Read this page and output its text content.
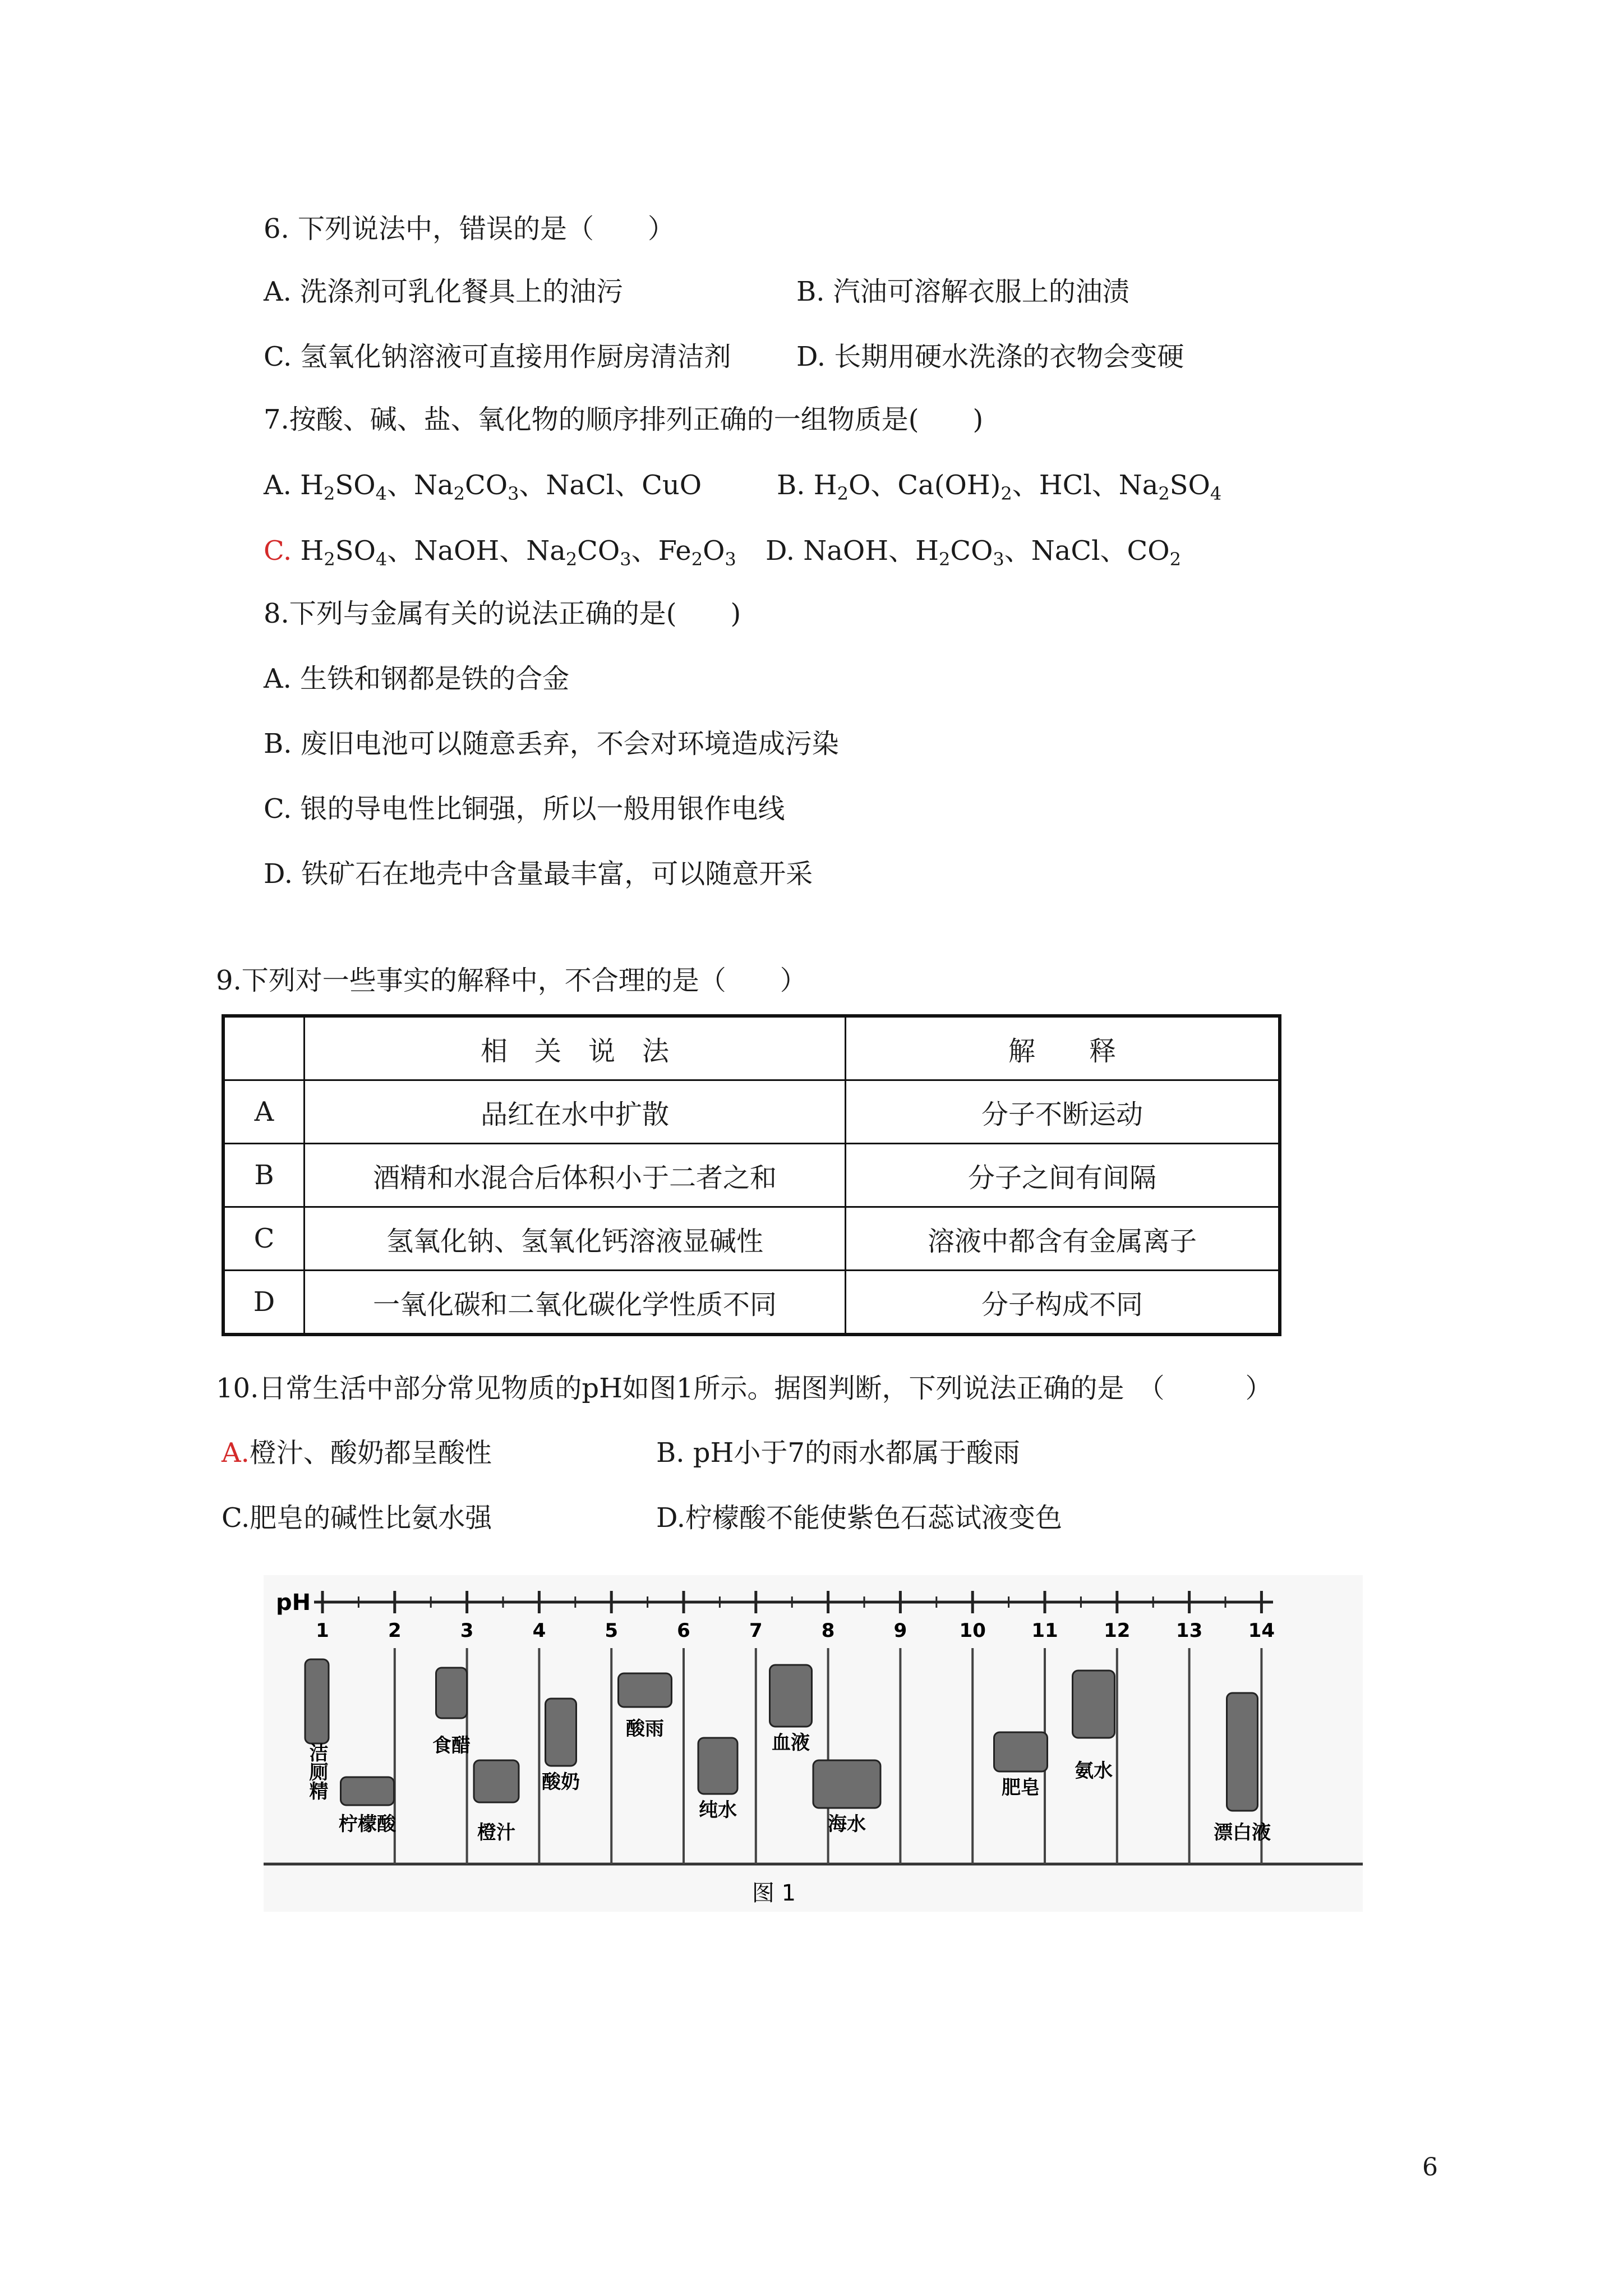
6. 下列说法中，错误的是（　　）
A. 洗涤剂可乳化餐具上的油污	B. 汽油可溶解衣服上的油渍
C. 氢氧化钠溶液可直接用作厨房清洁剂 D. 长期用硬水洗涤的衣物会变硬
7.按酸、碱、盐、氧化物的顺序排列正确的一组物质是(　　)
A. $H_2SO_4$、$Na_2CO_3$、NaCl、CuO	B. $H_2O$、$Ca(OH)_2$、HCl、$Na_2SO_4$
C. $H_2SO_4$、NaOH、$Na_2CO_3$、$Fe_2O_3$ D. NaOH、$H_2CO_3$、NaCl、$CO_2$
8.下列与金属有关的说法正确的是(　　)
A. 生铁和钢都是铁的合金
B. 废旧电池可以随意丢弃，不会对环境造成污染
C. 银的导电性比铜强，所以一般用银作电线
D. 铁矿石在地壳中含量最丰富，可以随意开采
9.下列对一些事实的解释中，不合理的是（　　）
	相　关　说　法	解　　释
A	品红在水中扩散	分子不断运动
B	酒精和水混合后体积小于二者之和	分子之间有间隔
C	氢氧化钠、氢氧化钙溶液显碱性	溶液中都含有金属离子
D	一氧化碳和二氧化碳化学性质不同	分子构成不同
10.日常生活中部分常见物质的pH如图1所示。据图判断，下列说法正确的是　（　　　）
A.橙汁、酸奶都呈酸性	B. pH小于7的雨水都属于酸雨
C.肥皂的碱性比氨水强	D.柠檬酸不能使紫色石蕊试液变色
pH
1	2	3	4	5	6	7	8	9	10 11 12 13 14
洁厕精
柠檬酸
食醋
橙汁
酸奶
酸雨
纯水
血液
海水
肥皂
氨水
漂白液
图 1
6
